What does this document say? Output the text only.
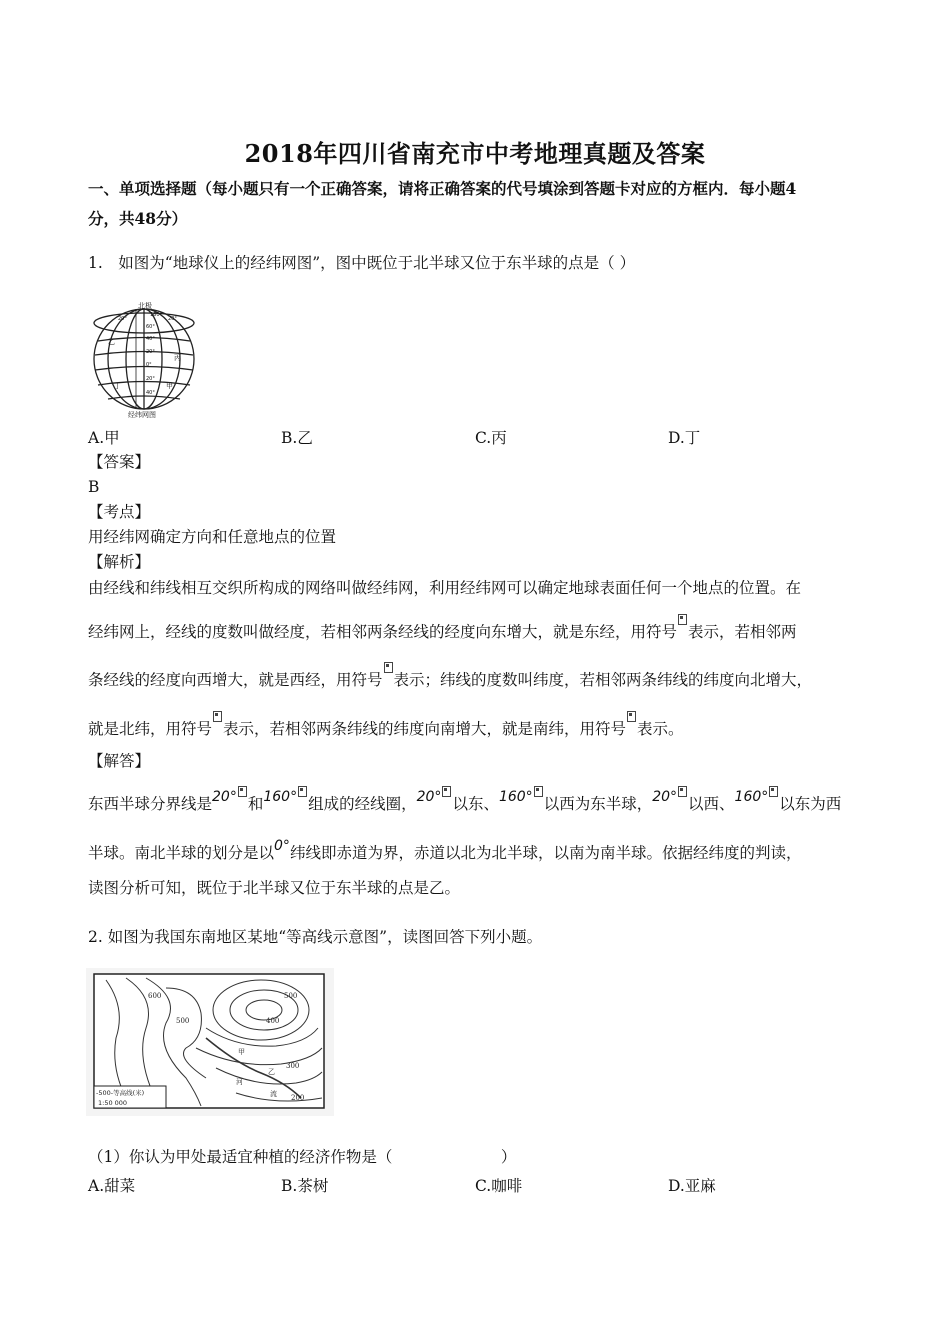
2018年四川省南充市中考地理真题及答案
一、单项选择题（每小题只有一个正确答案，请将正确答案的代号填涂到答题卡对应的方框内．每小题4
分，共48分）
1.　如图为“地球仪上的经纬网图”，图中既位于北半球又位于东半球的点是（ ）
北极
经纬网图
乙
丙
甲
丁
60°
40°
20°
0°
20°
40°
160°
20°	20°
A.甲	B.乙	C.丙	D.丁
【答案】
B
【考点】
用经纬网确定方向和任意地点的位置
【解析】
由经线和纬线相互交织所构成的网络叫做经纬网，利用经纬网可以确定地球表面任何一个地点的位置。在
经纬网上，经线的度数叫做经度，若相邻两条经线的经度向东增大，就是东经，用符号 表示，若相邻两
条经线的经度向西增大，就是西经，用符号 表示；纬线的度数叫纬度，若相邻两条纬线的纬度向北增大，
就是北纬，用符号 表示，若相邻两条纬线的纬度向南增大，就是南纬，用符号 表示。
【解答】
东西半球分界线是20° 和160° 组成的经线圈，20° 以东、160° 以西为东半球，20° 以西、160° 以东为西
半球。南北半球的划分是以0°纬线即赤道为界，赤道以北为北半球，以南为南半球。依据经纬度的判读，
读图分析可知，既位于北半球又位于东半球的点是乙。
2. 如图为我国东南地区某地“等高线示意图”，读图回答下列小题。
600
500	400
500
300
200
甲
乙
河
流
-500-等高线(米)
1:50 000
（1）你认为甲处最适宜种植的经济作物是（　　　　　　　）
A.甜菜	B.茶树	C.咖啡	D.亚麻
